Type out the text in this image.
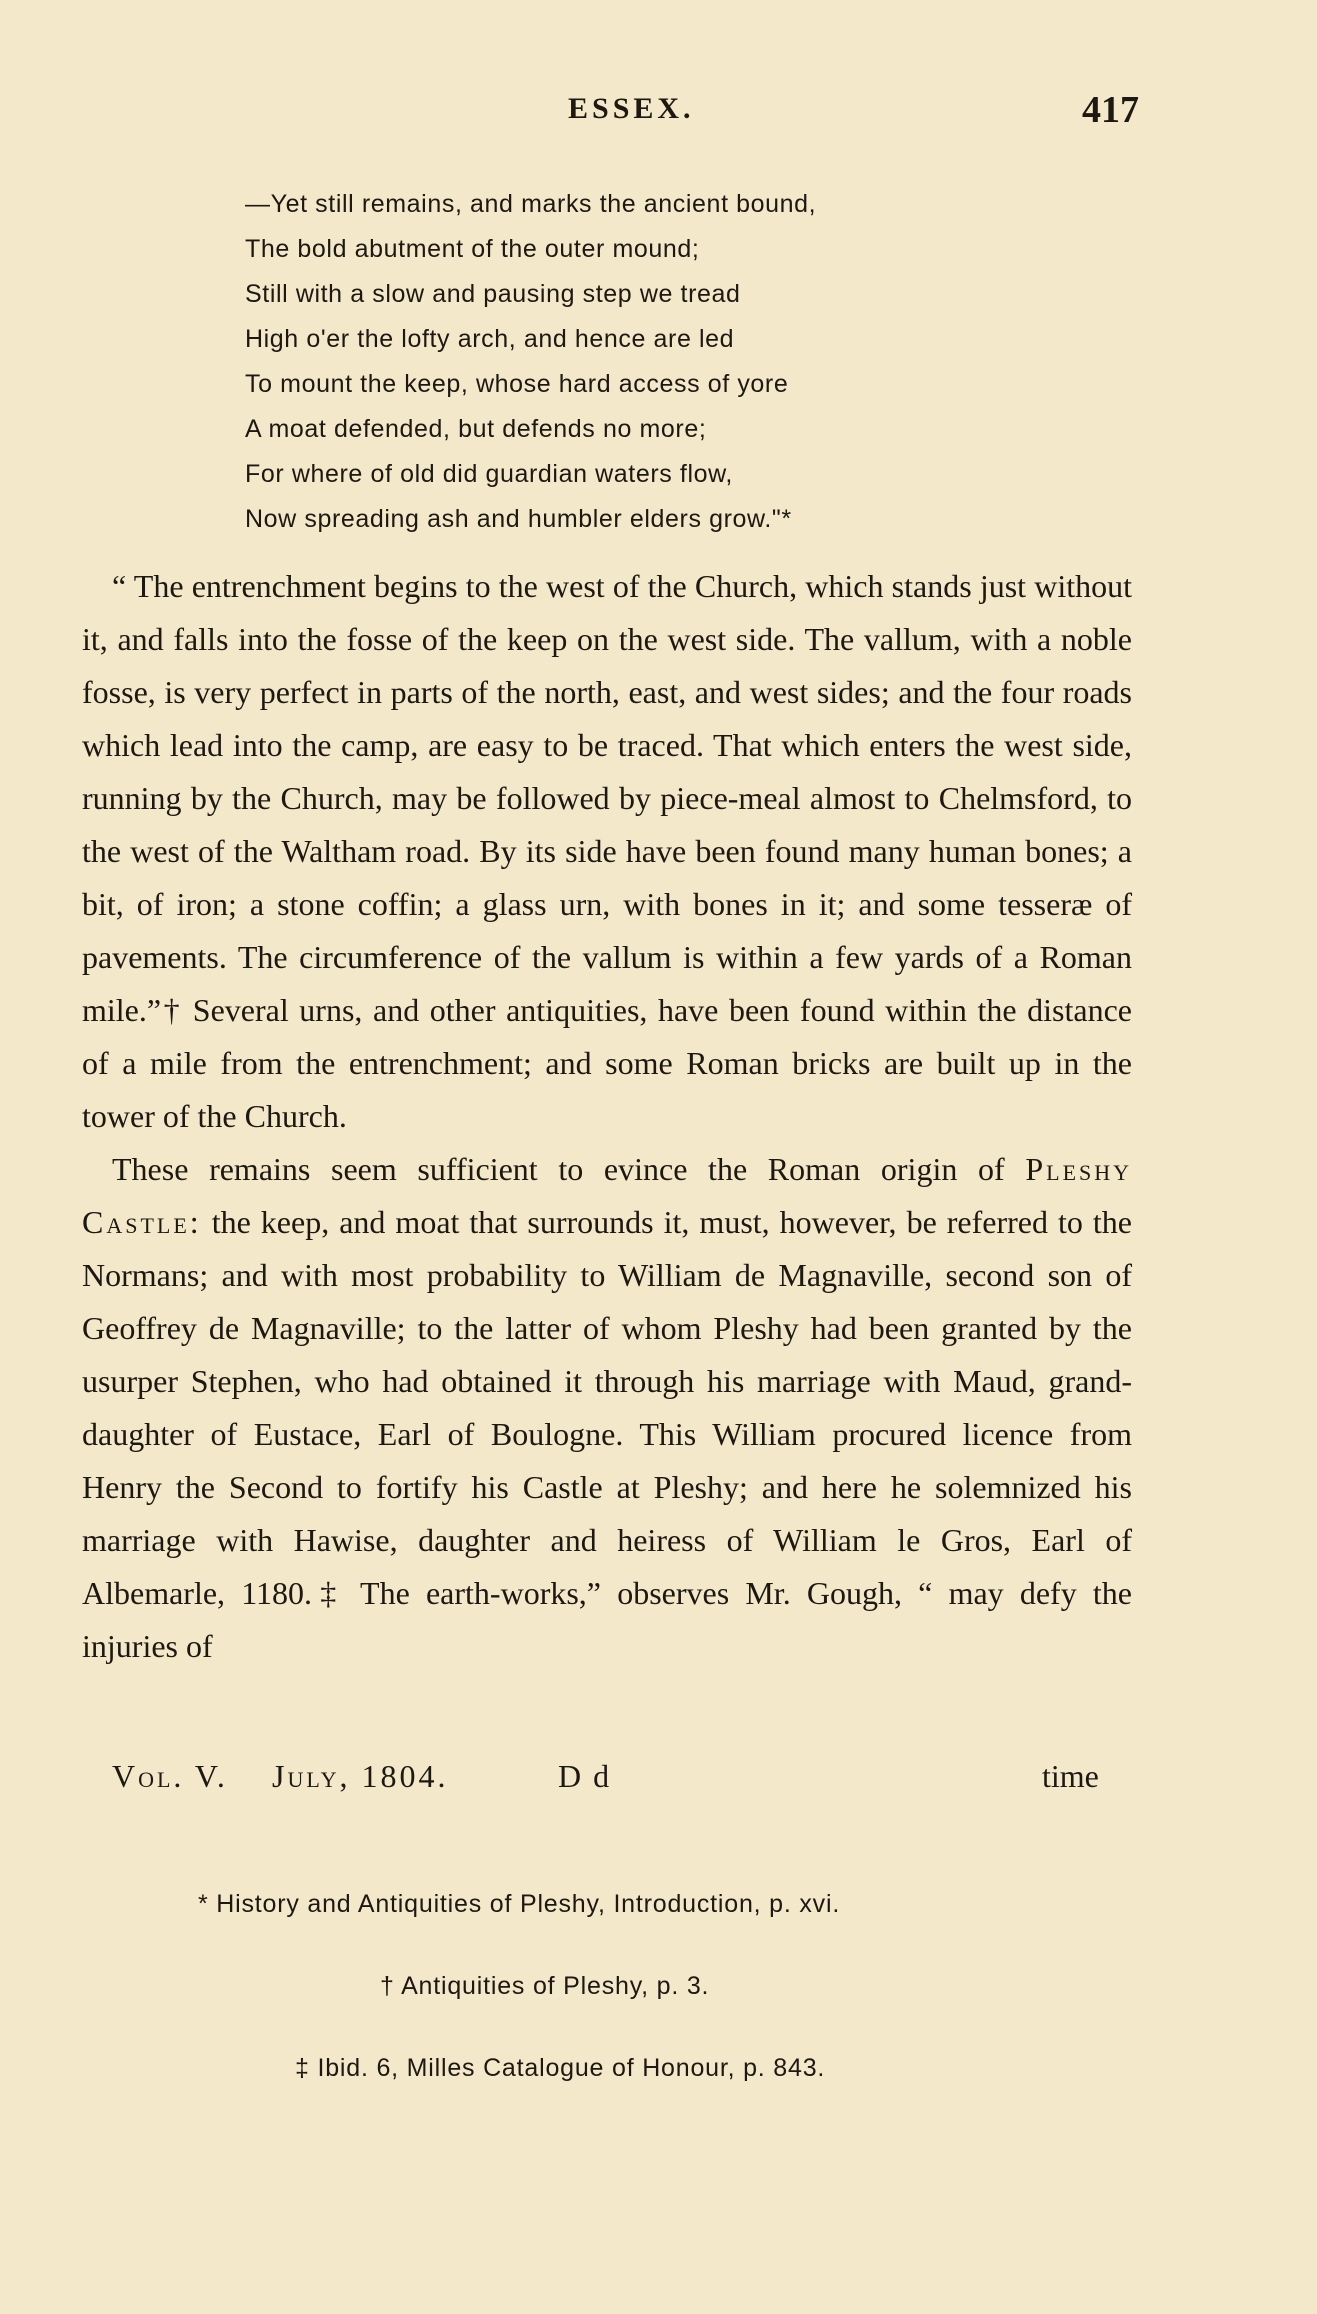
ESSEX.	417
—Yet still remains, and marks the ancient bound,
The bold abutment of the outer mound;
Still with a slow and pausing step we tread
High o'er the lofty arch, and hence are led
To mount the keep, whose hard access of yore
A moat defended, but defends no more;
For where of old did guardian waters flow,
Now spreading ash and humbler elders grow."*

“ The entrenchment begins to the west of the Church, which stands just without it, and falls into the fosse of the keep on the west side. The vallum, with a noble fosse, is very perfect in parts of the north, east, and west sides; and the four roads which lead into the camp, are easy to be traced. That which enters the west side, running by the Church, may be followed by piece-meal almost to Chelmsford, to the west of the Waltham road. By its side have been found many human bones; a bit, of iron; a stone coffin; a glass urn, with bones in it; and some tesseræ of pavements. The circumference of the vallum is within a few yards of a Roman mile.”† Several urns, and other antiquities, have been found within the distance of a mile from the entrenchment; and some Roman bricks are built up in the tower of the Church.

These remains seem sufficient to evince the Roman origin of Pleshy Castle: the keep, and moat that surrounds it, must, however, be referred to the Normans; and with most probability to William de Magnaville, second son of Geoffrey de Magnaville; to the latter of whom Pleshy had been granted by the usurper Stephen, who had obtained it through his marriage with Maud, grand-daughter of Eustace, Earl of Boulogne. This William procured licence from Henry the Second to fortify his Castle at Pleshy; and here he solemnized his marriage with Hawise, daughter and heiress of William le Gros, Earl of Albemarle, 1180.‡ The earth-works,” observes Mr. Gough, “ may defy the injuries of

Vol. V. July, 1804.	D d	time
* History and Antiquities of Pleshy, Introduction, p. xvi.
† Antiquities of Pleshy, p. 3.
‡ Ibid. 6, Milles Catalogue of Honour, p. 843.
